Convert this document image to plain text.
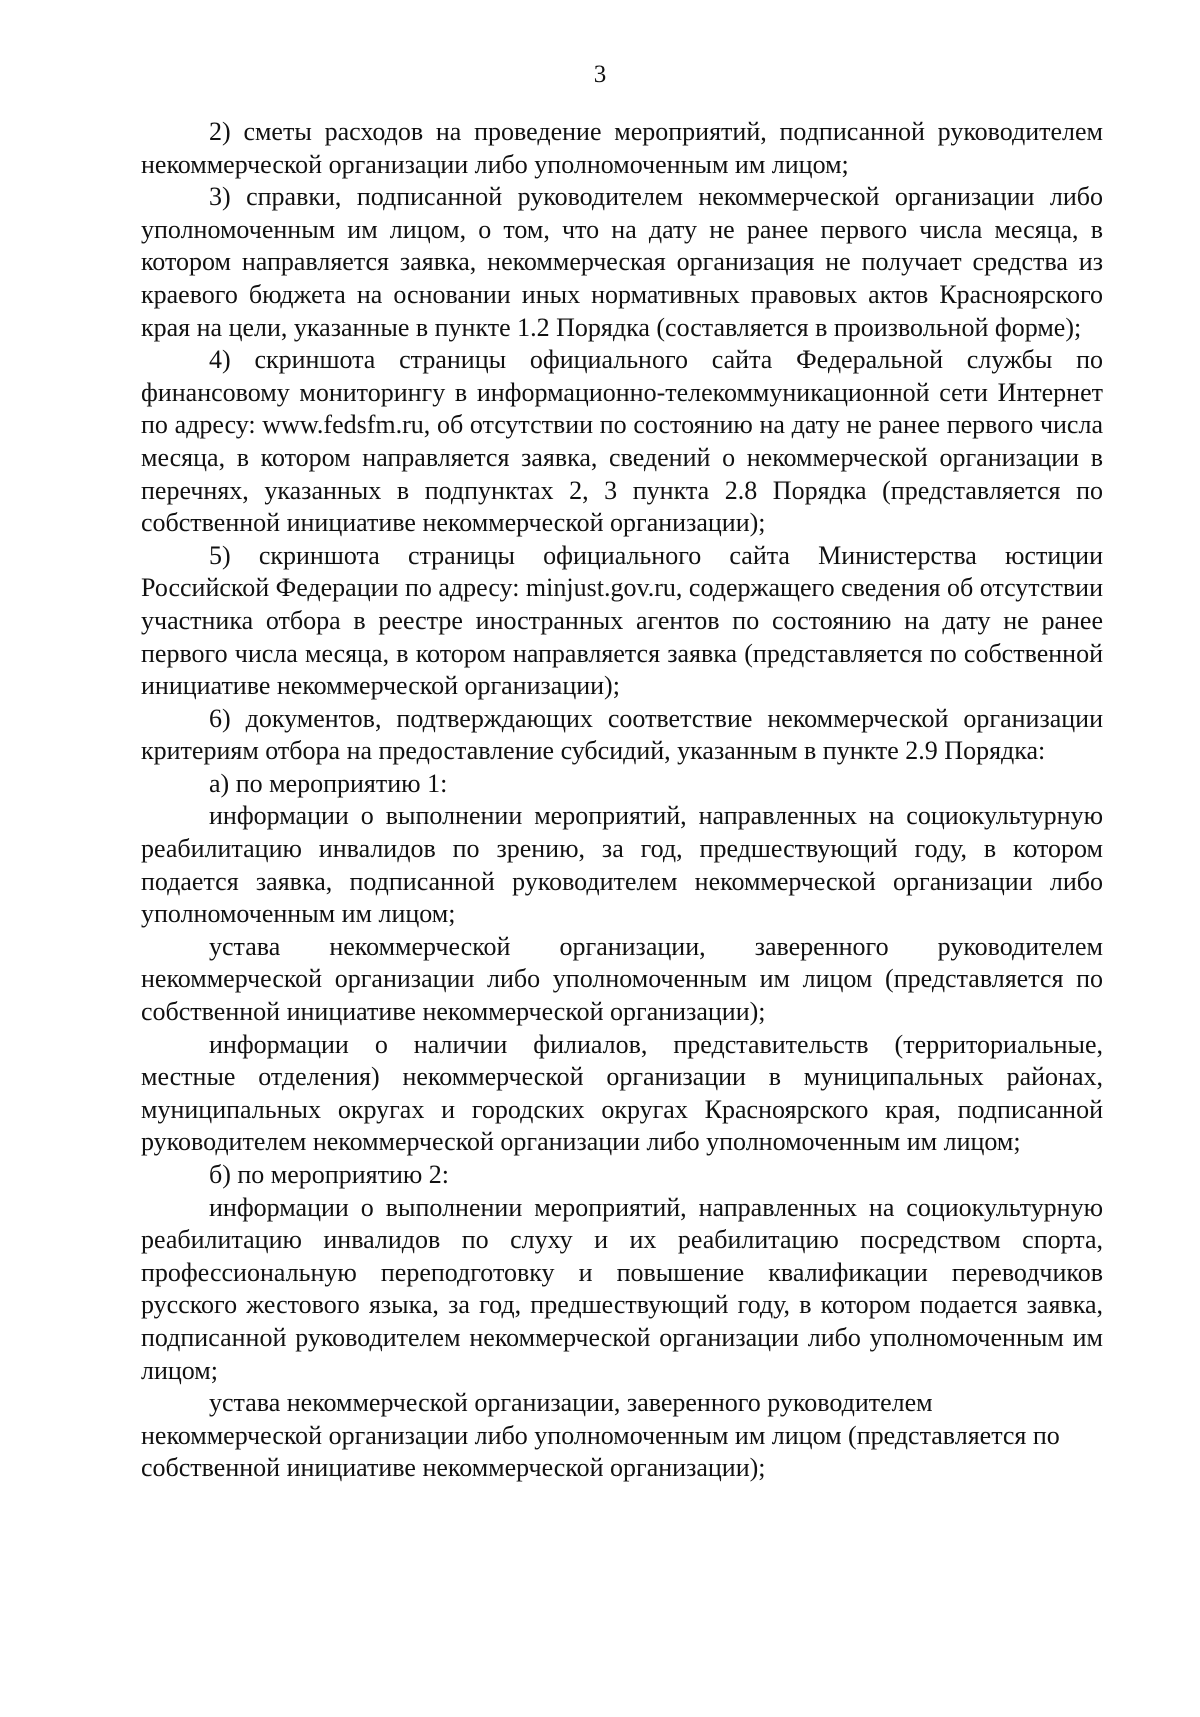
3

2) сметы расходов на проведение мероприятий, подписанной руководителем некоммерческой организации либо уполномоченным им лицом;

3) справки, подписанной руководителем некоммерческой организации либо уполномоченным им лицом, о том, что на дату не ранее первого числа месяца, в котором направляется заявка, некоммерческая организация не получает средства из краевого бюджета на основании иных нормативных правовых актов Красноярского края на цели, указанные в пункте 1.2 Порядка (составляется в произвольной форме);

4) скриншота страницы официального сайта Федеральной службы по финансовому мониторингу в информационно-телекоммуникационной сети Интернет по адресу: www.fedsfm.ru, об отсутствии по состоянию на дату не ранее первого числа месяца, в котором направляется заявка, сведений о некоммерческой организации в перечнях, указанных в подпунктах 2, 3 пункта 2.8 Порядка (представляется по собственной инициативе некоммерческой организации);

5) скриншота страницы официального сайта Министерства юстиции Российской Федерации по адресу: minjust.gov.ru, содержащего сведения об отсутствии участника отбора в реестре иностранных агентов по состоянию на дату не ранее первого числа месяца, в котором направляется заявка (представляется по собственной инициативе некоммерческой организации);

6) документов, подтверждающих соответствие некоммерческой организации критериям отбора на предоставление субсидий, указанным в пункте 2.9 Порядка:

а) по мероприятию 1:

информации о выполнении мероприятий, направленных на социокультурную реабилитацию инвалидов по зрению, за год, предшествующий году, в котором подается заявка, подписанной руководителем некоммерческой организации либо уполномоченным им лицом;

устава некоммерческой организации, заверенного руководителем некоммерческой организации либо уполномоченным им лицом (представляется по собственной инициативе некоммерческой организации);

информации о наличии филиалов, представительств (территориальные, местные отделения) некоммерческой организации в муниципальных районах, муниципальных округах и городских округах Красноярского края, подписанной руководителем некоммерческой организации либо уполномоченным им лицом;

б) по мероприятию 2:

информации о выполнении мероприятий, направленных на социокультурную реабилитацию инвалидов по слуху и их реабилитацию посредством спорта, профессиональную переподготовку и повышение квалификации переводчиков русского жестового языка, за год, предшествующий году, в котором подается заявка, подписанной руководителем некоммерческой организации либо уполномоченным им лицом;

устава некоммерческой организации, заверенного руководителем некоммерческой организации либо уполномоченным им лицом (представляется по собственной инициативе некоммерческой организации);
